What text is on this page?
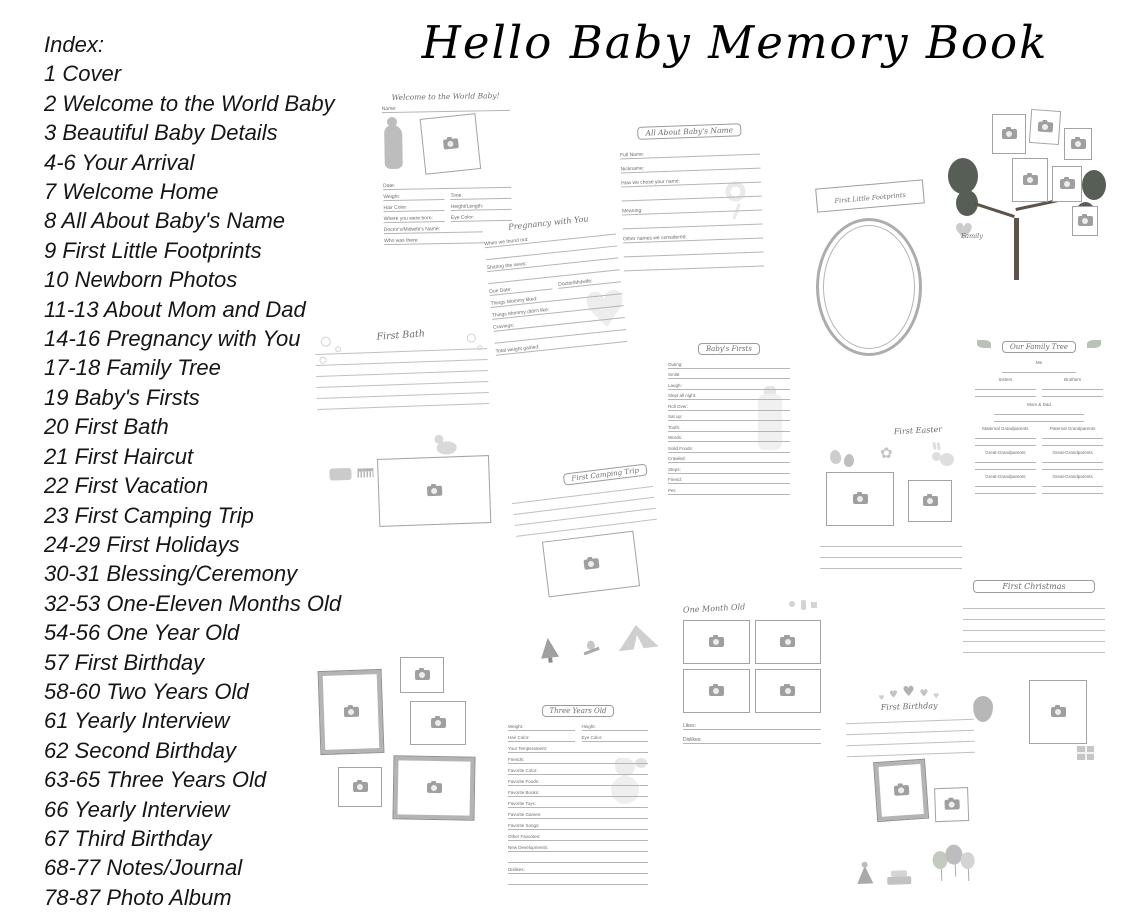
Hello Baby Memory Book
Index:
1 Cover
2 Welcome to the World Baby
3 Beautiful Baby Details
4-6 Your Arrival
7 Welcome Home
8 All About Baby's Name
9 First Little Footprints
10 Newborn Photos
11-13 About Mom and Dad
14-16 Pregnancy with You
17-18 Family Tree
19 Baby's Firsts
20 First Bath
21 First Haircut
22 First Vacation
23 First Camping Trip
24-29 First Holidays
30-31 Blessing/Ceremony
32-53 One-Eleven Months Old
54-56 One Year Old
57 First Birthday
58-60 Two Years Old
61 Yearly Interview
62 Second Birthday
63-65 Three Years Old
66 Yearly Interview
67 Third Birthday
68-77 Notes/Journal
78-87 Photo Album
Welcome to the World Baby!
Name:
Date:
Weight:	Time:
Hair Color:	Height/Length:
Where you were born:	Eye Color:
Doctor's/Midwife's Name:
Who was there:
All About Baby's Name
Full Name:
Nickname:
How we chose your name:
Meaning:
Other names we considered:
First Little Footprints
♥
Family
Pregnancy with You
♥
When we found out:
Sharing the news:
Due Date:
Doctor/Midwife:
Things Mommy liked:
Things Mommy didn't like:
Cravings:
Total weight gained:
First Bath
Baby's Firsts
Outing:
Smile:
Laugh:
Slept all night:
Roll Over:
Sat up:
Tooth:
Words:
Solid Foods:
Crawled:
Steps:
Friend:
Pet:
Our Family Tree
Me
Sisters	Brothers
Mom & Dad
Maternal Grandparents	Paternal Grandparents
Great-Grandparents	Great-Grandparents
Great-Grandparents	Great-Grandparents
First Easter
✿
First Camping Trip
One Month Old
Likes:
Dislikes:
First Christmas
Three Years Old
Weight:	Height:
Hair Color:	Eye Color:
Your Temperament:
Friends:
Favorite Color:
Favorite Foods:
Favorite Books:
Favorite Toys:
Favorite Games:
Favorite Songs:
Other Favorites:
New Developments:
Dislikes:
♥ ♥ ♥ ♥ ♥
First Birthday
